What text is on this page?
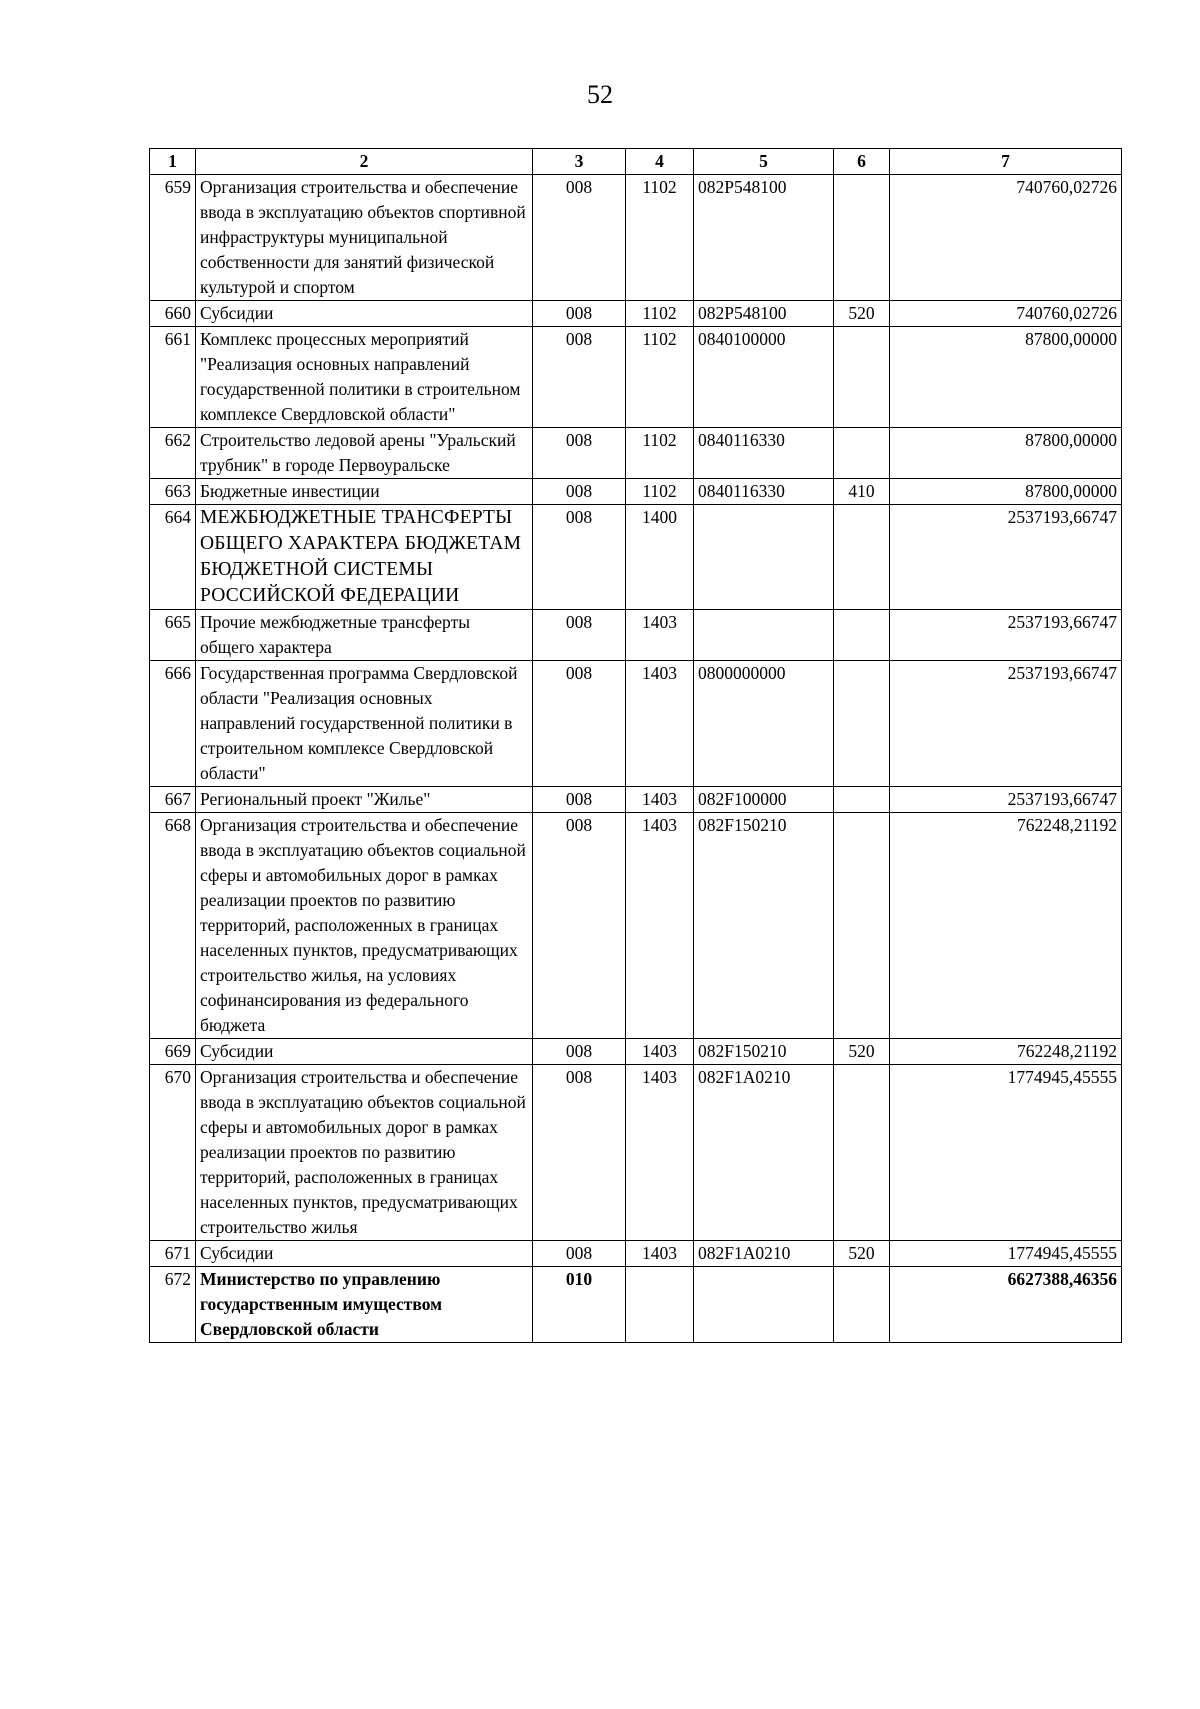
52
1	2	3	4	5	6	7
659	Организация строительства и обеспечение ввода в эксплуатацию объектов спортивной инфраструктуры муниципальной собственности для занятий физической культурой и спортом	008	1102	082P548100		740760,02726
660	Субсидии	008	1102	082P548100	520	740760,02726
661	Комплекс процессных мероприятий "Реализация основных направлений государственной политики в строительном комплексе Свердловской области"	008	1102	0840100000		87800,00000
662	Строительство ледовой арены "Уральский трубник" в городе Первоуральске	008	1102	0840116330		87800,00000
663	Бюджетные инвестиции	008	1102	0840116330	410	87800,00000
664	МЕЖБЮДЖЕТНЫЕ ТРАНСФЕРТЫ ОБЩЕГО ХАРАКТЕРА БЮДЖЕТАМ БЮДЖЕТНОЙ СИСТЕМЫ РОССИЙСКОЙ ФЕДЕРАЦИИ	008	1400			2537193,66747
665	Прочие межбюджетные трансферты общего характера	008	1403			2537193,66747
666	Государственная программа Свердловской области "Реализация основных направлений государственной политики в строительном комплексе Свердловской области"	008	1403	0800000000		2537193,66747
667	Региональный проект "Жилье"	008	1403	082F100000		2537193,66747
668	Организация строительства и обеспечение ввода в эксплуатацию объектов социальной сферы и автомобильных дорог в рамках реализации проектов по развитию территорий, расположенных в границах населенных пунктов, предусматривающих строительство жилья, на условиях софинансирования из федерального бюджета	008	1403	082F150210		762248,21192
669	Субсидии	008	1403	082F150210	520	762248,21192
670	Организация строительства и обеспечение ввода в эксплуатацию объектов социальной сферы и автомобильных дорог в рамках реализации проектов по развитию территорий, расположенных в границах населенных пунктов, предусматривающих строительство жилья	008	1403	082F1A0210		1774945,45555
671	Субсидии	008	1403	082F1A0210	520	1774945,45555
672	Министерство по управлению государственным имуществом Свердловской области	010				6627388,46356
